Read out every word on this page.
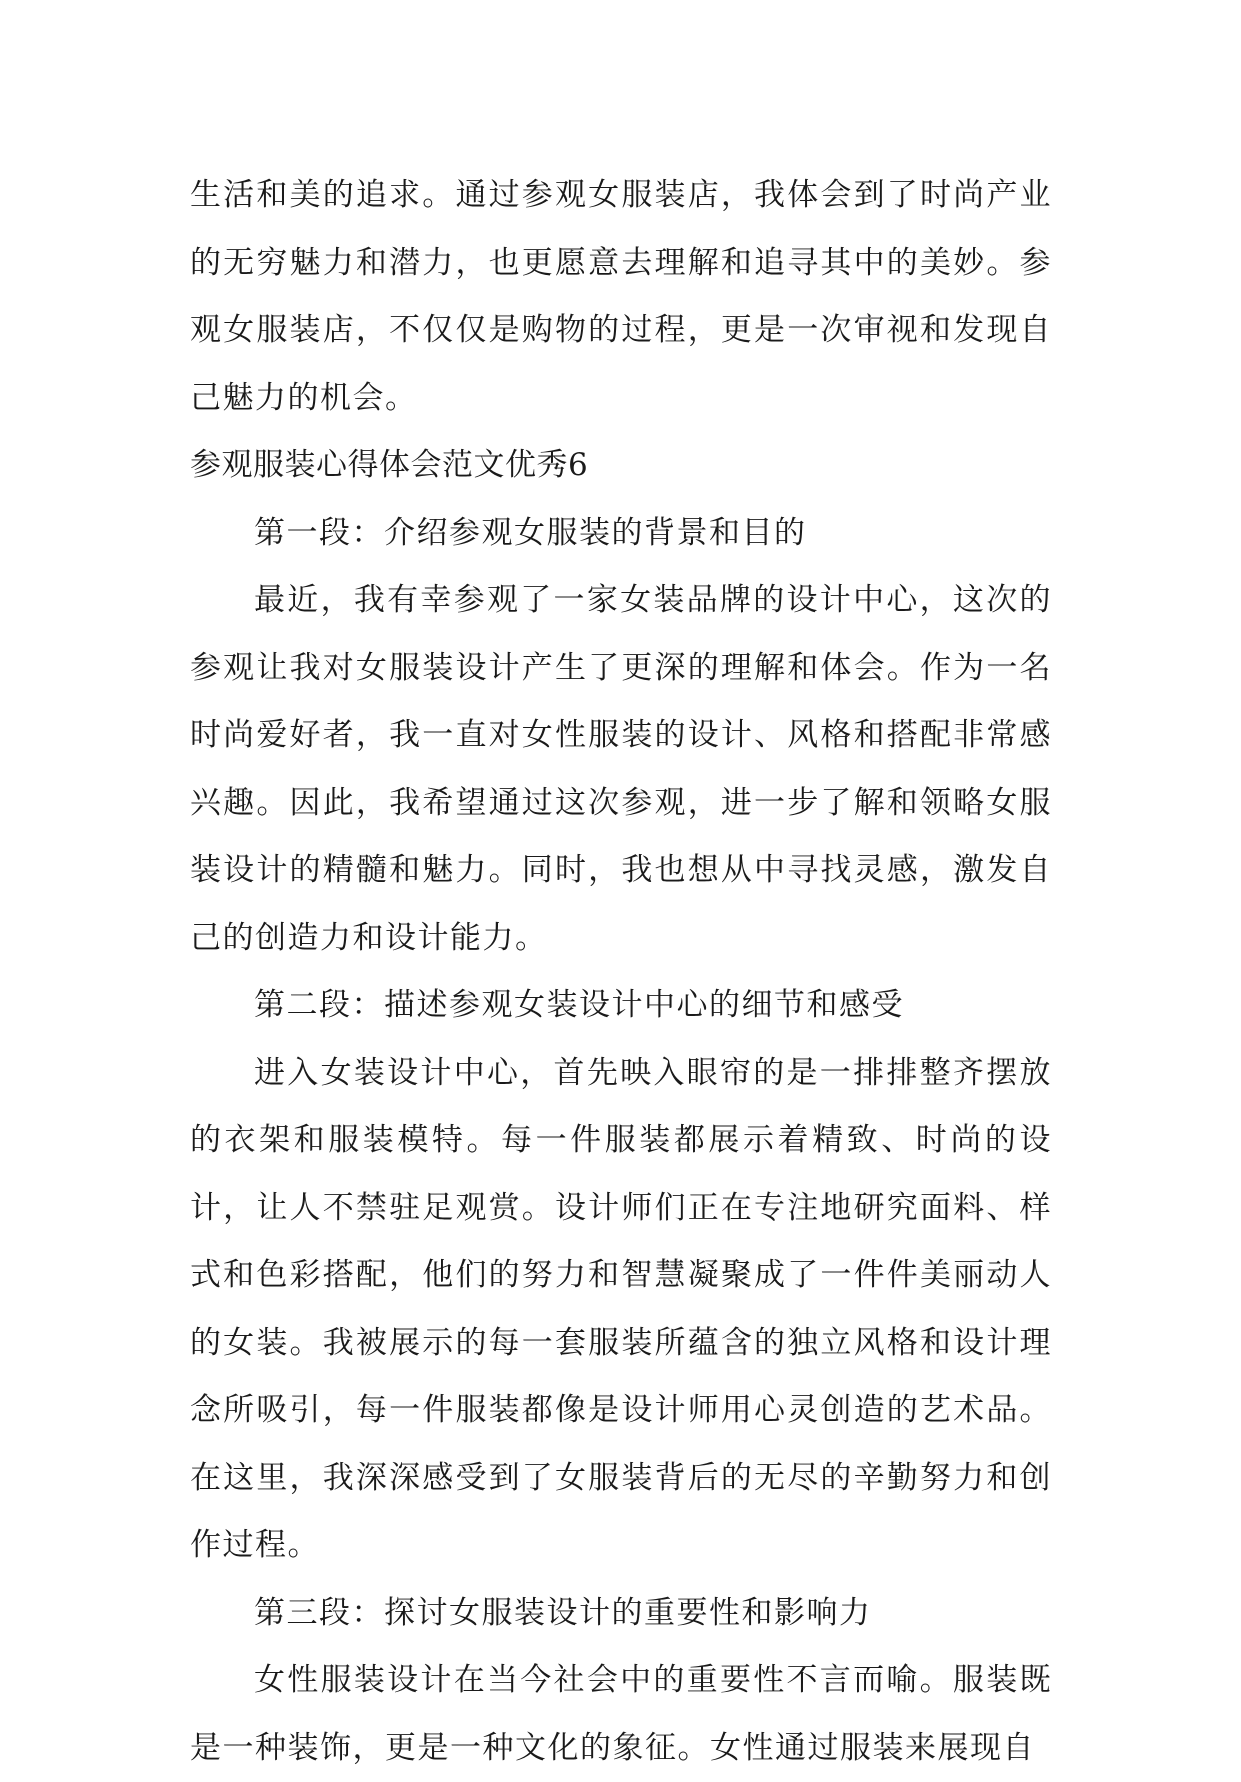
生活和美的追求。通过参观女服装店，我体会到了时尚产业的无穷魅力和潜力，也更愿意去理解和追寻其中的美妙。参观女服装店，不仅仅是购物的过程，更是一次审视和发现自己魅力的机会。

参观服装心得体会范文优秀6

第一段：介绍参观女服装的背景和目的

最近，我有幸参观了一家女装品牌的设计中心，这次的参观让我对女服装设计产生了更深的理解和体会。作为一名时尚爱好者，我一直对女性服装的设计、风格和搭配非常感兴趣。因此，我希望通过这次参观，进一步了解和领略女服装设计的精髓和魅力。同时，我也想从中寻找灵感，激发自己的创造力和设计能力。

第二段：描述参观女装设计中心的细节和感受

进入女装设计中心，首先映入眼帘的是一排排整齐摆放的衣架和服装模特。每一件服装都展示着精致、时尚的设计，让人不禁驻足观赏。设计师们正在专注地研究面料、样式和色彩搭配，他们的努力和智慧凝聚成了一件件美丽动人的女装。我被展示的每一套服装所蕴含的独立风格和设计理念所吸引，每一件服装都像是设计师用心灵创造的艺术品。在这里，我深深感受到了女服装背后的无尽的辛勤努力和创作过程。

第三段：探讨女服装设计的重要性和影响力

女性服装设计在当今社会中的重要性不言而喻。服装既是一种装饰，更是一种文化的象征。女性通过服装来展现自
